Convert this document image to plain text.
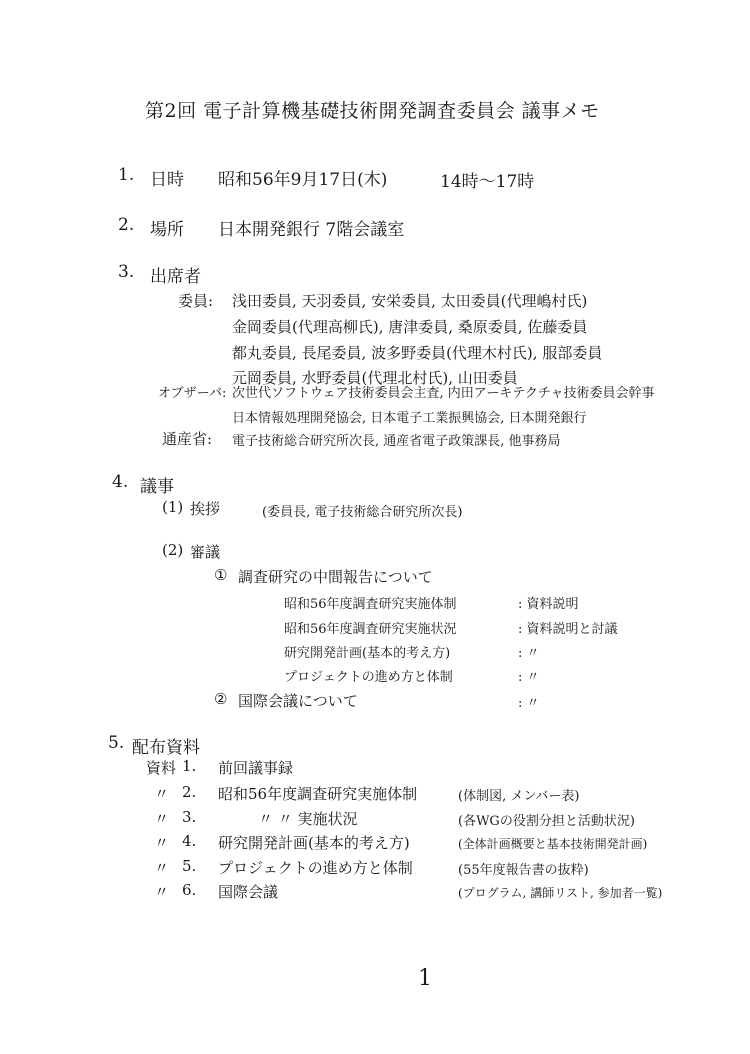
第2回 電子計算機基礎技術開発調査委員会 議事メモ
1. 日時 昭和56年9月17日(木)	14時〜17時
2. 場所 日本開発銀行 7階会議室
3. 出席者
委員: 浅田委員, 天羽委員, 安栄委員, 太田委員(代理嶋村氏)
金岡委員(代理高柳氏), 唐津委員, 桑原委員, 佐藤委員
都丸委員, 長尾委員, 波多野委員(代理木村氏), 服部委員
元岡委員, 水野委員(代理北村氏), 山田委員
オブザーバ: 次世代ソフトウェア技術委員会主査, 内田アーキテクチャ技術委員会幹事
日本情報処理開発協会, 日本電子工業振興協会, 日本開発銀行
通産省: 電子技術総合研究所次長, 通産省電子政策課長, 他事務局
4. 議事
(1) 挨拶	(委員長, 電子技術総合研究所次長)
(2) 審議
① 調査研究の中間報告について
昭和56年度調査研究実施体制	: 資料説明
昭和56年度調査研究実施状況	: 資料説明と討議
研究開発計画(基本的考え方)	: 〃
プロジェクトの進め方と体制	: 〃
② 国際会議について	: 〃
5. 配布資料
資料 1. 前回議事録
〃 2. 昭和56年度調査研究実施体制	(体制図, メンバー表)
〃 3.	〃 〃 実施状況	(各WGの役割分担と活動状況)
〃 4. 研究開発計画(基本的考え方)	(全体計画概要と基本技術開発計画)
〃 5. プロジェクトの進め方と体制	(55年度報告書の抜粋)
〃 6. 国際会議	(プログラム, 講師リスト, 参加者一覧)
1
